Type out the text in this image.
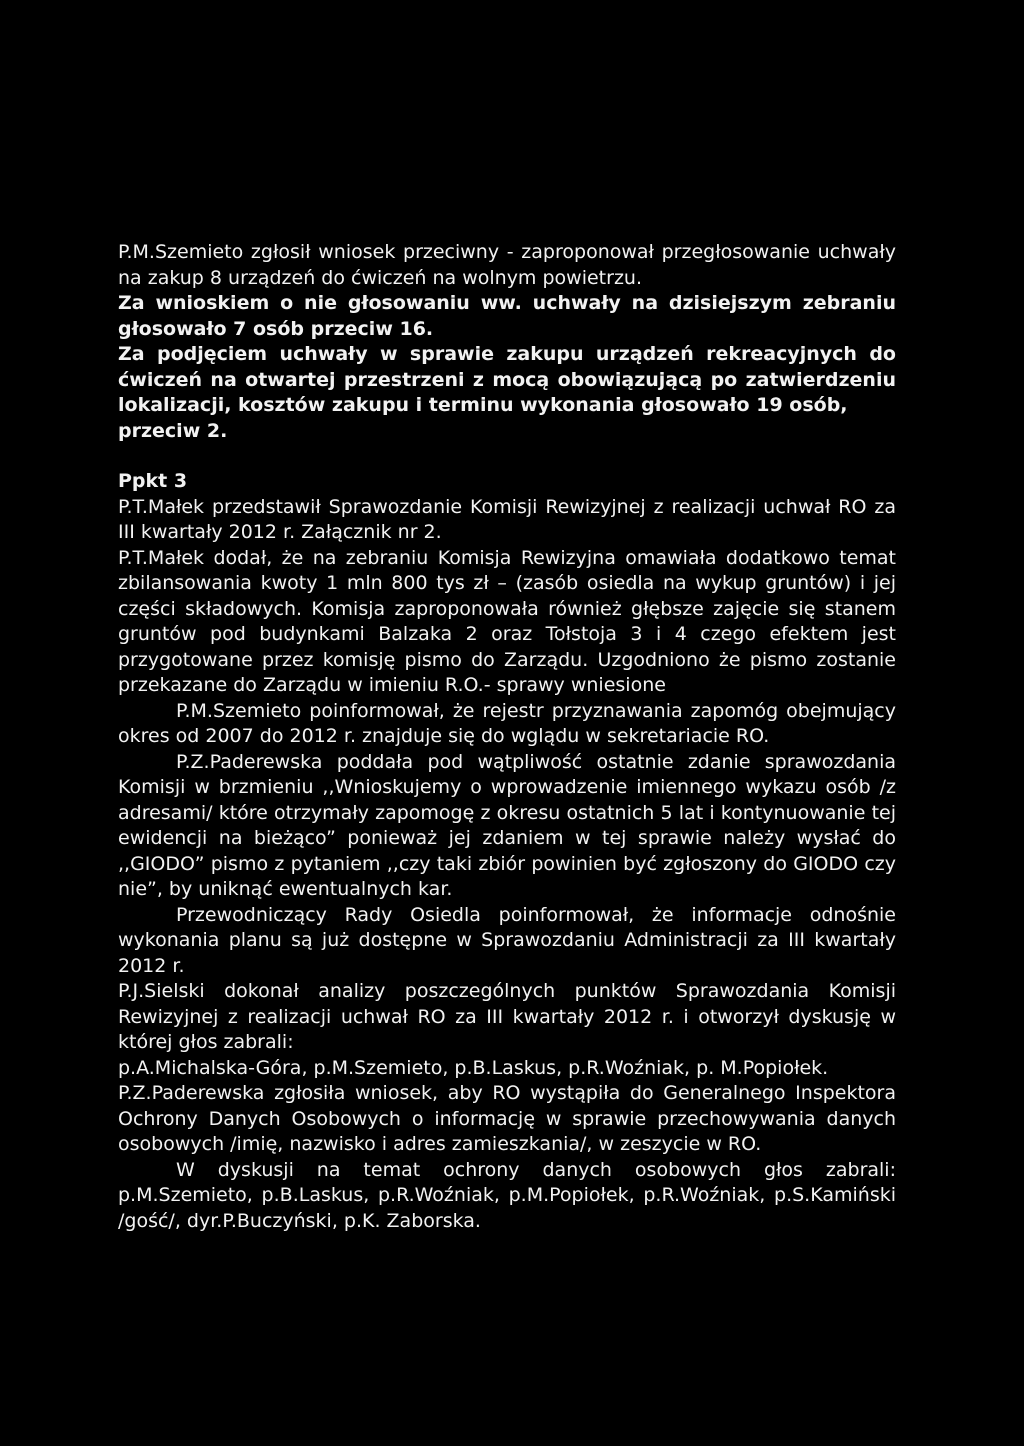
P.M.Szemieto zgłosił wniosek przeciwny - zaproponował przegłosowanie uchwały na zakup 8 urządzeń do ćwiczeń na wolnym powietrzu.

Za wnioskiem o nie głosowaniu ww. uchwały na dzisiejszym zebraniu głosowało 7 osób przeciw 16.

Za podjęciem uchwały w sprawie zakupu urządzeń rekreacyjnych do ćwiczeń na otwartej przestrzeni z mocą obowiązującą po zatwierdzeniu lokalizacji, kosztów zakupu i terminu wykonania głosowało 19 osób,

przeciw 2.

Ppkt 3

P.T.Małek przedstawił Sprawozdanie Komisji Rewizyjnej z realizacji uchwał RO za III kwartały 2012 r. Załącznik nr 2.

P.T.Małek dodał, że na zebraniu Komisja Rewizyjna omawiała dodatkowo temat zbilansowania kwoty 1 mln 800 tys zł – (zasób osiedla na wykup gruntów) i jej części składowych. Komisja zaproponowała również głębsze zajęcie się stanem gruntów pod budynkami Balzaka 2 oraz Tołstoja 3 i 4 czego efektem jest przygotowane przez komisję pismo do Zarządu. Uzgodniono że pismo zostanie przekazane do Zarządu w imieniu R.O.- sprawy wniesione

P.M.Szemieto poinformował, że rejestr przyznawania zapomóg obejmujący okres od 2007 do 2012 r. znajduje się do wglądu w sekretariacie RO.

P.Z.Paderewska poddała pod wątpliwość ostatnie zdanie sprawozdania Komisji w brzmieniu ,,Wnioskujemy o wprowadzenie imiennego wykazu osób /z adresami/ które otrzymały zapomogę z okresu ostatnich 5 lat i kontynuowanie tej ewidencji na bieżąco” ponieważ jej zdaniem w tej sprawie należy wysłać do ,,GIODO” pismo z pytaniem ,,czy taki zbiór powinien być zgłoszony do GIODO czy nie”, by uniknąć ewentualnych kar.

Przewodniczący Rady Osiedla poinformował, że informacje odnośnie wykonania planu są już dostępne w Sprawozdaniu Administracji za III kwartały 2012 r.

P.J.Sielski dokonał analizy poszczególnych punktów Sprawozdania Komisji Rewizyjnej z realizacji uchwał RO za III kwartały 2012 r. i otworzył dyskusję w której głos zabrali:

p.A.Michalska-Góra, p.M.Szemieto, p.B.Laskus, p.R.Woźniak, p. M.Popiołek.

P.Z.Paderewska zgłosiła wniosek, aby RO wystąpiła do Generalnego Inspektora Ochrony Danych Osobowych o informację w sprawie przechowywania danych osobowych /imię, nazwisko i adres zamieszkania/, w zeszycie w RO.

W dyskusji na temat ochrony danych osobowych głos zabrali: p.M.Szemieto, p.B.Laskus, p.R.Woźniak, p.M.Popiołek, p.R.Woźniak, p.S.Kamiński /gość/, dyr.P.Buczyński, p.K. Zaborska.
